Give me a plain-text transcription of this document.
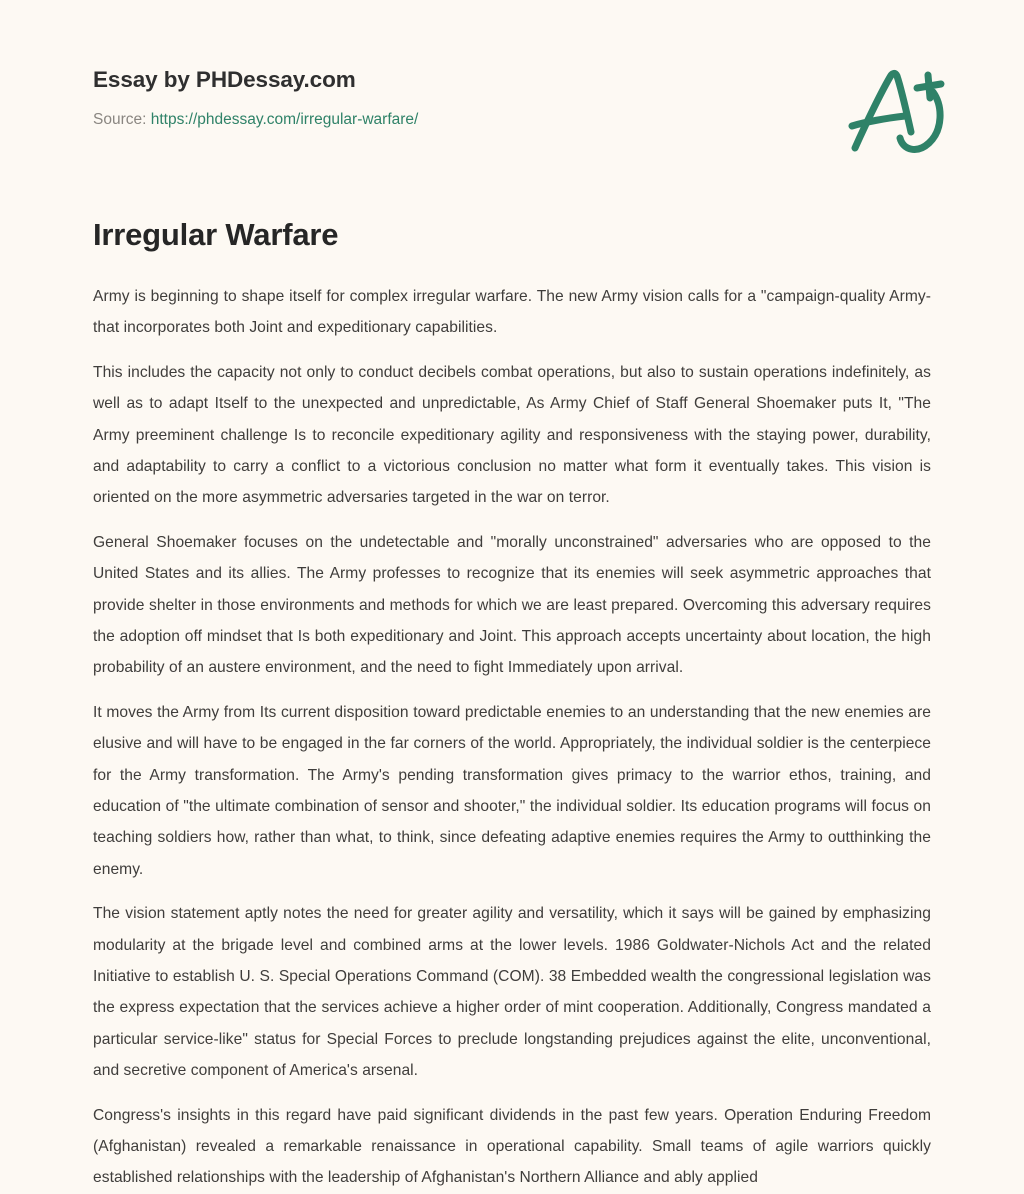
Essay by PHDessay.com
Source: https://phdessay.com/irregular-warfare/
Irregular Warfare

Army is beginning to shape itself for complex irregular warfare. The new Army vision calls for a "campaign-quality Army- that incorporates both Joint and expeditionary capabilities.

This includes the capacity not only to conduct decibels combat operations, but also to sustain operations indefinitely, as well as to adapt Itself to the unexpected and unpredictable, As Army Chief of Staff General Shoemaker puts It, "The Army preeminent challenge Is to reconcile expeditionary agility and responsiveness with the staying power, durability, and adaptability to carry a conflict to a victorious conclusion no matter what form it eventually takes. This vision is oriented on the more asymmetric adversaries targeted in the war on terror.

General Shoemaker focuses on the undetectable and "morally unconstrained" adversaries who are opposed to the United States and its allies. The Army professes to recognize that its enemies will seek asymmetric approaches that provide shelter in those environments and methods for which we are least prepared. Overcoming this adversary requires the adoption off mindset that Is both expeditionary and Joint. This approach accepts uncertainty about location, the high probability of an austere environment, and the need to fight Immediately upon arrival.

It moves the Army from Its current disposition toward predictable enemies to an understanding that the new enemies are elusive and will have to be engaged in the far corners of the world. Appropriately, the individual soldier is the centerpiece for the Army transformation. The Army's pending transformation gives primacy to the warrior ethos, training, and education of "the ultimate combination of sensor and shooter," the individual soldier. Its education programs will focus on teaching soldiers how, rather than what, to think, since defeating adaptive enemies requires the Army to outthinking the enemy.

The vision statement aptly notes the need for greater agility and versatility, which it says will be gained by emphasizing modularity at the brigade level and combined arms at the lower levels. 1986 Goldwater-Nichols Act and the related Initiative to establish U. S. Special Operations Command (COM). 38 Embedded wealth the congressional legislation was the express expectation that the services achieve a higher order of mint cooperation. Additionally, Congress mandated a particular service-like" status for Special Forces to preclude longstanding prejudices against the elite, unconventional, and secretive component of America's arsenal.

Congress's insights in this regard have paid significant dividends in the past few years. Operation Enduring Freedom (Afghanistan) revealed a remarkable renaissance in operational capability. Small teams of agile warriors quickly established relationships with the leadership of Afghanistan's Northern Alliance and ably applied
